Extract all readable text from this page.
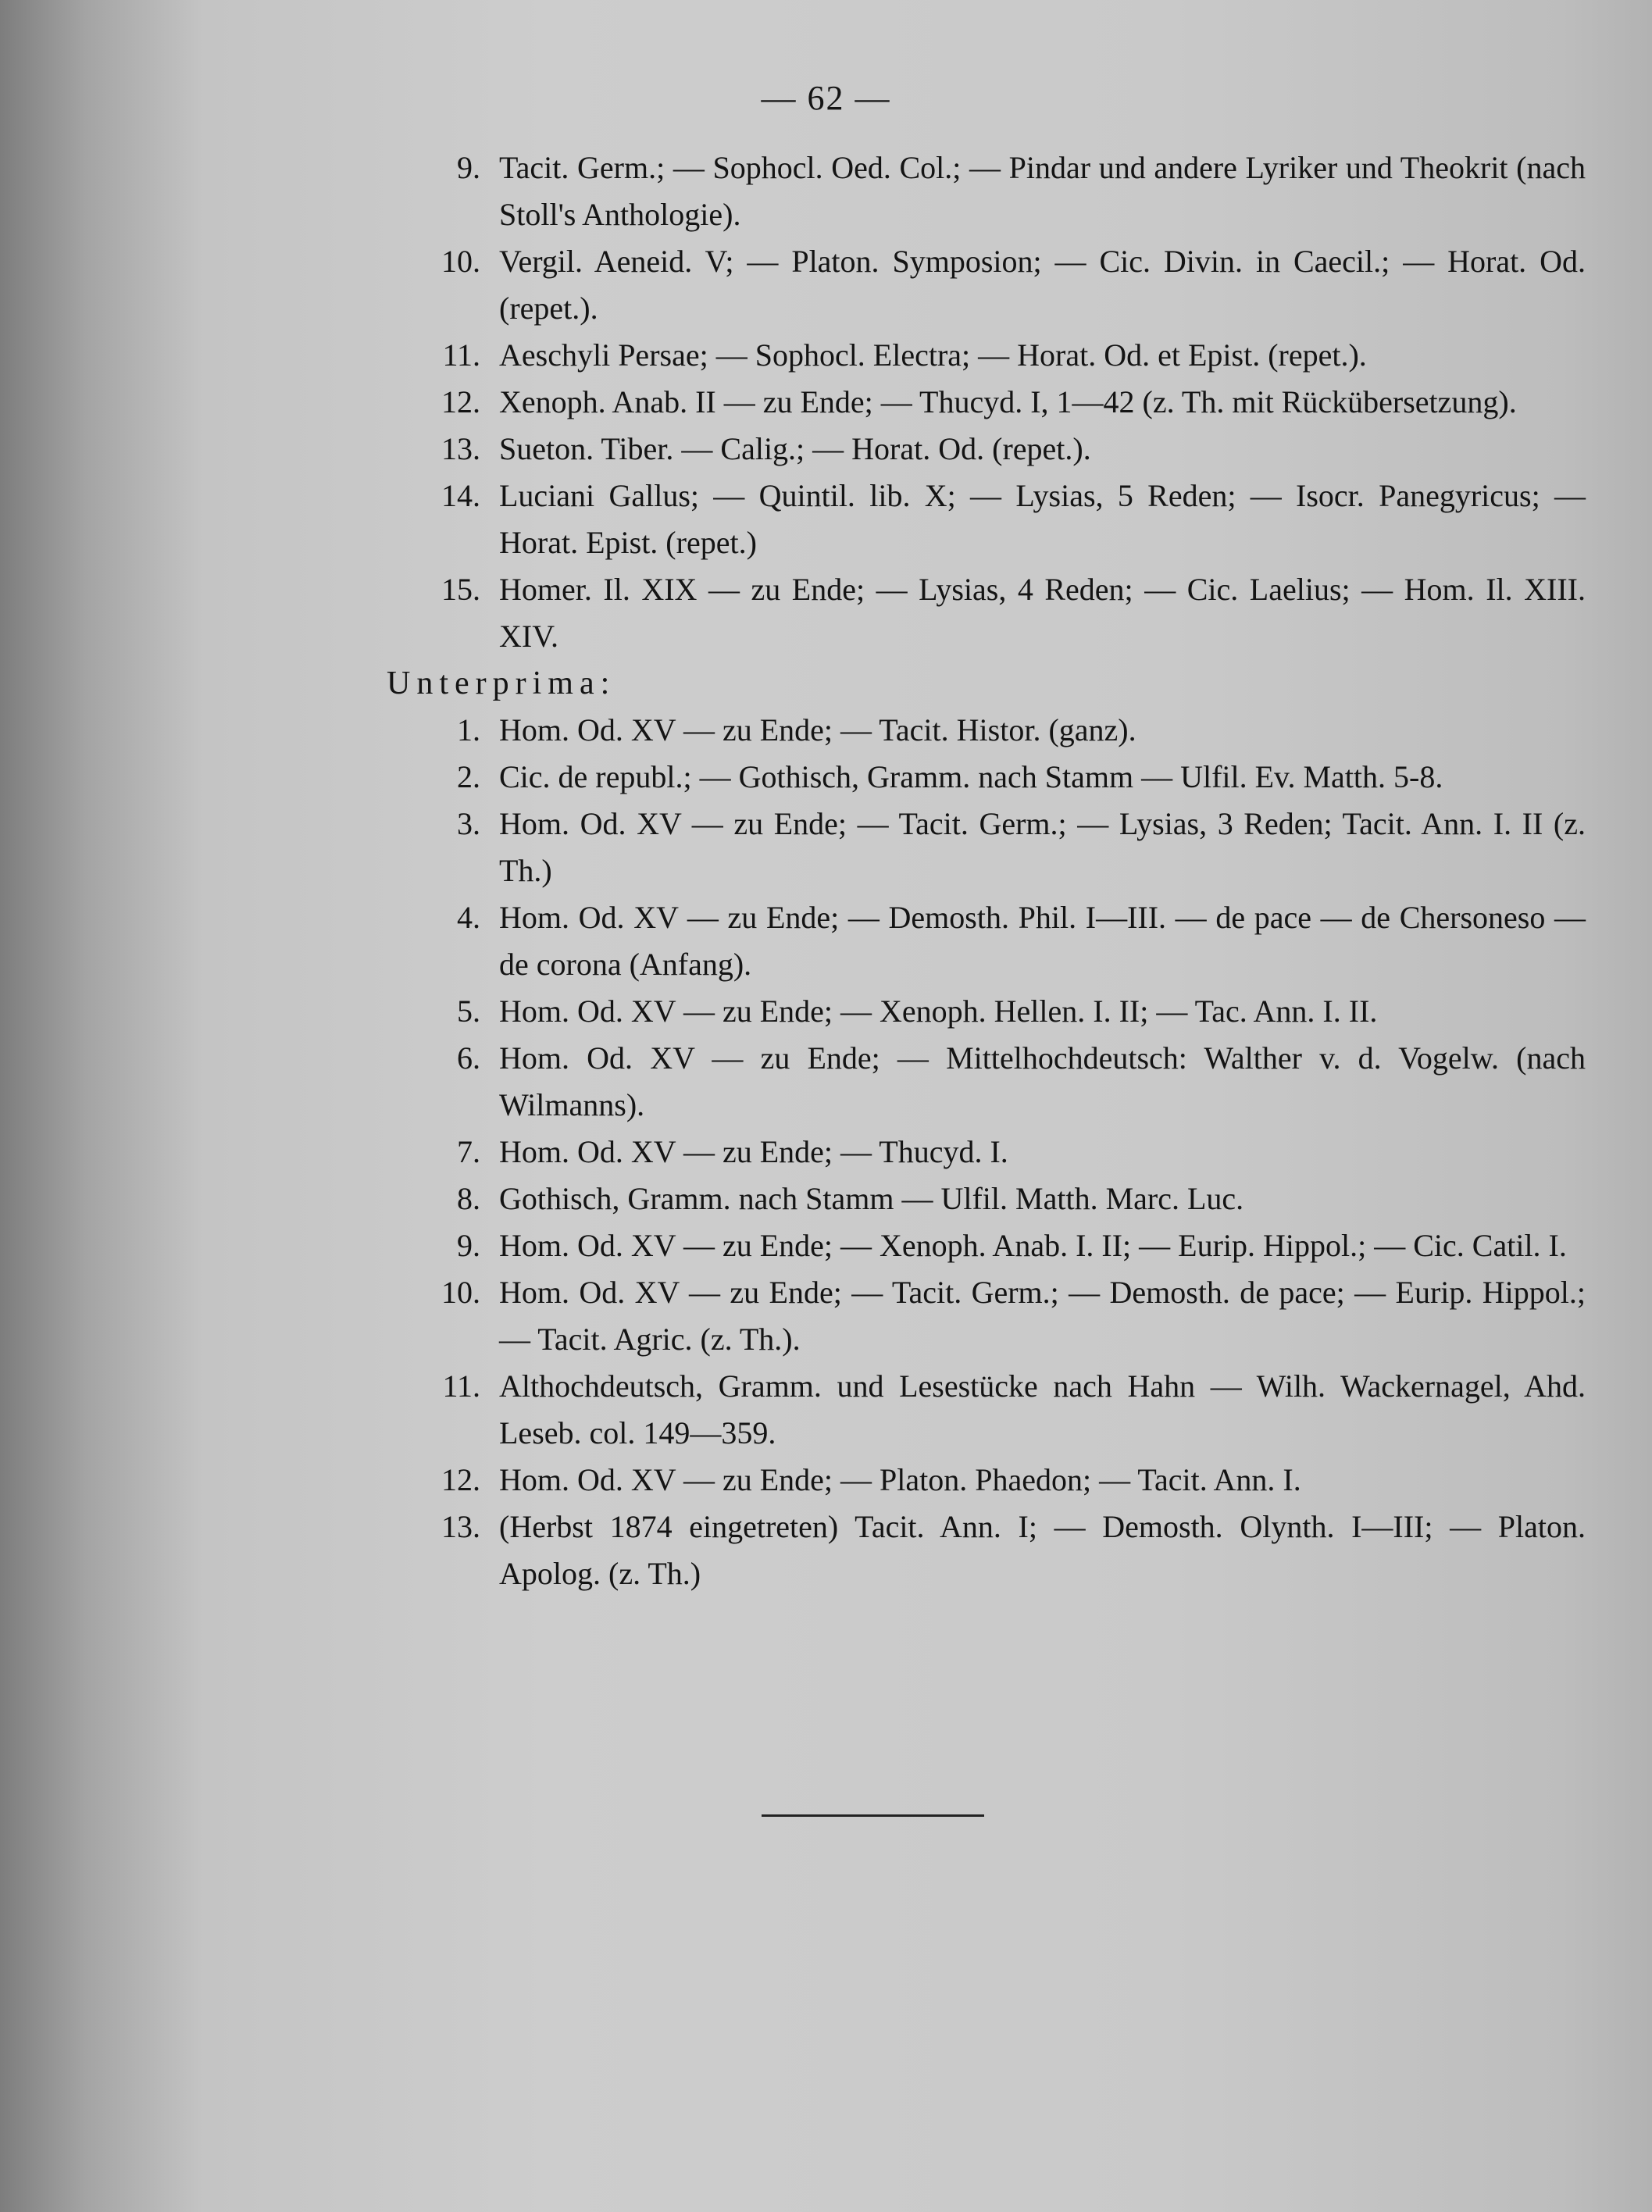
— 62 —
9. Tacit. Germ.; — Sophocl. Oed. Col.; — Pindar und andere Lyriker und Theokrit (nach Stoll's Anthologie).
10. Vergil. Aeneid. V; — Platon. Symposion; — Cic. Divin. in Caecil.; — Horat. Od. (repet.).
11. Aeschyli Persae; — Sophocl. Electra; — Horat. Od. et Epist. (repet.).
12. Xenoph. Anab. II — zu Ende; — Thucyd. I, 1—42 (z. Th. mit Rückübersetzung).
13. Sueton. Tiber. — Calig.; — Horat. Od. (repet.).
14. Luciani Gallus; — Quintil. lib. X; — Lysias, 5 Reden; — Isocr. Panegyricus; — Horat. Epist. (repet.)
15. Homer. Il. XIX — zu Ende; — Lysias, 4 Reden; — Cic. Laelius; — Hom. Il. XIII. XIV.
Unterprima:
1. Hom. Od. XV — zu Ende; — Tacit. Histor. (ganz).
2. Cic. de republ.; — Gothisch, Gramm. nach Stamm — Ulfil. Ev. Matth. 5-8.
3. Hom. Od. XV — zu Ende; — Tacit. Germ.; — Lysias, 3 Reden; Tacit. Ann. I. II (z. Th.)
4. Hom. Od. XV — zu Ende; — Demosth. Phil. I—III. — de pace — de Chersoneso — de corona (Anfang).
5. Hom. Od. XV — zu Ende; — Xenoph. Hellen. I. II; — Tac. Ann. I. II.
6. Hom. Od. XV — zu Ende; — Mittelhochdeutsch: Walther v. d. Vogelw. (nach Wilmanns).
7. Hom. Od. XV — zu Ende; — Thucyd. I.
8. Gothisch, Gramm. nach Stamm — Ulfil. Matth. Marc. Luc.
9. Hom. Od. XV — zu Ende; — Xenoph. Anab. I. II; — Eurip. Hippol.; — Cic. Catil. I.
10. Hom. Od. XV — zu Ende; — Tacit. Germ.; — Demosth. de pace; — Eurip. Hippol.; — Tacit. Agric. (z. Th.).
11. Althochdeutsch, Gramm. und Lesestücke nach Hahn — Wilh. Wackernagel, Ahd. Leseb. col. 149—359.
12. Hom. Od. XV — zu Ende; — Platon. Phaedon; — Tacit. Ann. I.
13. (Herbst 1874 eingetreten) Tacit. Ann. I; — Demosth. Olynth. I—III; — Platon. Apolog. (z. Th.)
